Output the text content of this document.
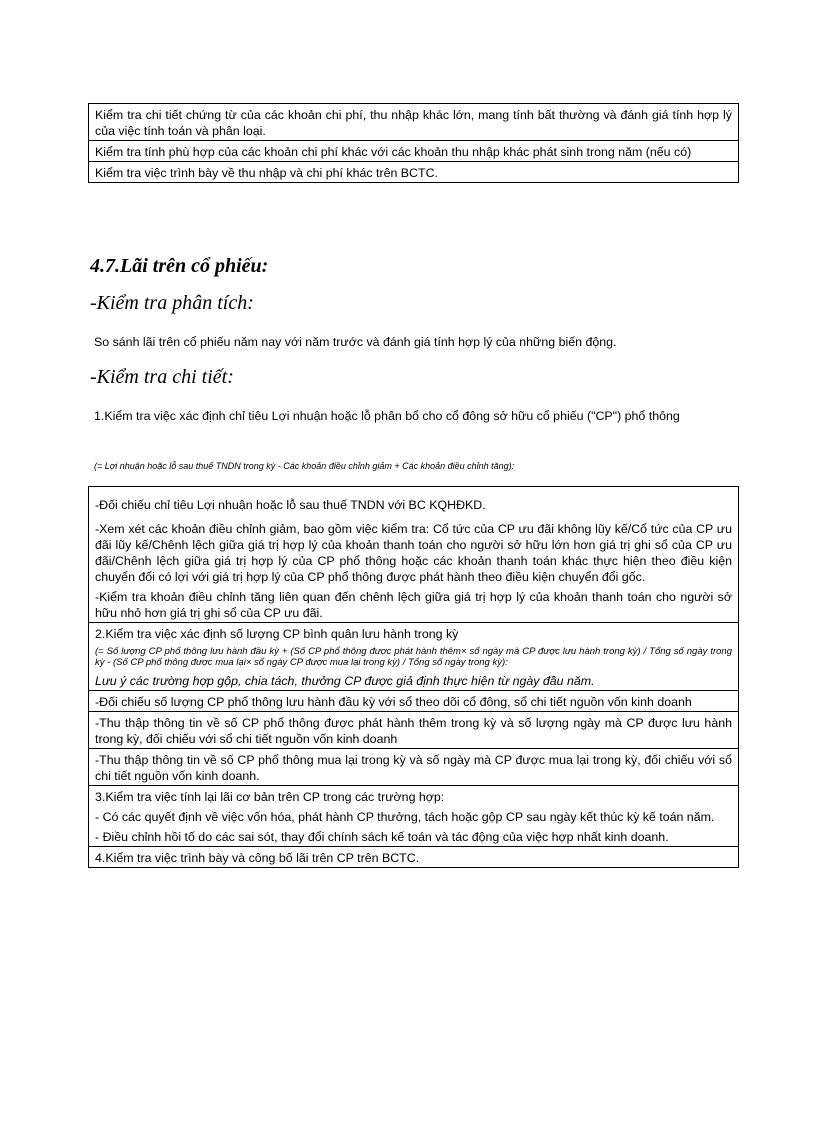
Kiểm tra chi tiết chứng từ của các khoản chi phí, thu nhập khác lớn, mang tính bất thường và đánh giá tính hợp lý của việc tính toán và phân loại.
Kiểm tra tính phù hợp của các khoản chi phí khác với các khoản thu nhập khác phát sinh trong năm (nếu có)
Kiểm tra việc trình bày về thu nhập và chi phí khác trên BCTC.
4.7.Lãi trên cổ phiếu:
-Kiểm tra phân tích:
So sánh lãi trên cổ phiếu năm nay với năm trước và đánh giá tính hợp lý của những biến động.
-Kiểm tra chi tiết:
1.Kiểm tra việc xác định chỉ tiêu Lợi nhuận hoặc lỗ phân bổ cho cổ đông sở hữu cổ phiếu ("CP") phổ thông
(= Lợi nhuận hoặc lỗ sau thuế TNDN trong kỳ - Các khoản điều chỉnh giảm + Các khoản điều chỉnh tăng):

-Đối chiếu chỉ tiêu Lợi nhuận hoặc lỗ sau thuế TNDN với BC KQHĐKD.

-Xem xét các khoản điều chỉnh giảm, bao gồm việc kiểm tra: Cổ tức của CP ưu đãi không lũy kế/Cổ tức của CP ưu đãi lũy kế/Chênh lệch giữa giá trị hợp lý của khoản thanh toán cho người sở hữu lớn hơn giá trị ghi sổ của CP ưu đãi/Chênh lệch giữa giá trị hợp lý của CP phổ thông hoặc các khoản thanh toán khác thực hiện theo điều kiện chuyển đổi có lợi với giá trị hợp lý của CP phổ thông được phát hành theo điều kiện chuyển đổi gốc.

-Kiểm tra khoản điều chỉnh tăng liên quan đến chênh lệch giữa giá trị hợp lý của khoản thanh toán cho người sở hữu nhỏ hơn giá trị ghi sổ của CP ưu đãi.

2.Kiểm tra việc xác định số lượng CP bình quân lưu hành trong kỳ

(= Số lượng CP phổ thông lưu hành đầu kỳ + (Số CP phổ thông được phát hành thêm× số ngày mà CP được lưu hành trong kỳ) / Tổng số ngày trong kỳ - (Số CP phổ thông được mua lại× số ngày CP được mua lại trong kỳ) / Tổng số ngày trong kỳ):

Lưu ý các trường hợp gộp, chia tách, thưởng CP được giả định thực hiện từ ngày đầu năm.

-Đối chiếu số lượng CP phổ thông lưu hành đầu kỳ với sổ theo dõi cổ đông, sổ chi tiết nguồn vốn kinh doanh
-Thu thập thông tin về số CP phổ thông được phát hành thêm trong kỳ và số lượng ngày mà CP được lưu hành trong kỳ, đối chiếu với sổ chi tiết nguồn vốn kinh doanh
-Thu thập thông tin về số CP phổ thông mua lại trong kỳ và số ngày mà CP được mua lại trong kỳ, đối chiếu với sổ chi tiết nguồn vốn kinh doanh.

3.Kiểm tra việc tính lại lãi cơ bản trên CP trong các trường hợp:

- Có các quyết định về việc vốn hóa, phát hành CP thưởng, tách hoặc gộp CP sau ngày kết thúc kỳ kế toán năm.

- Điều chỉnh hồi tố do các sai sót, thay đổi chính sách kế toán và tác động của việc hợp nhất kinh doanh.

4.Kiểm tra việc trình bày và công bố lãi trên CP trên BCTC.
